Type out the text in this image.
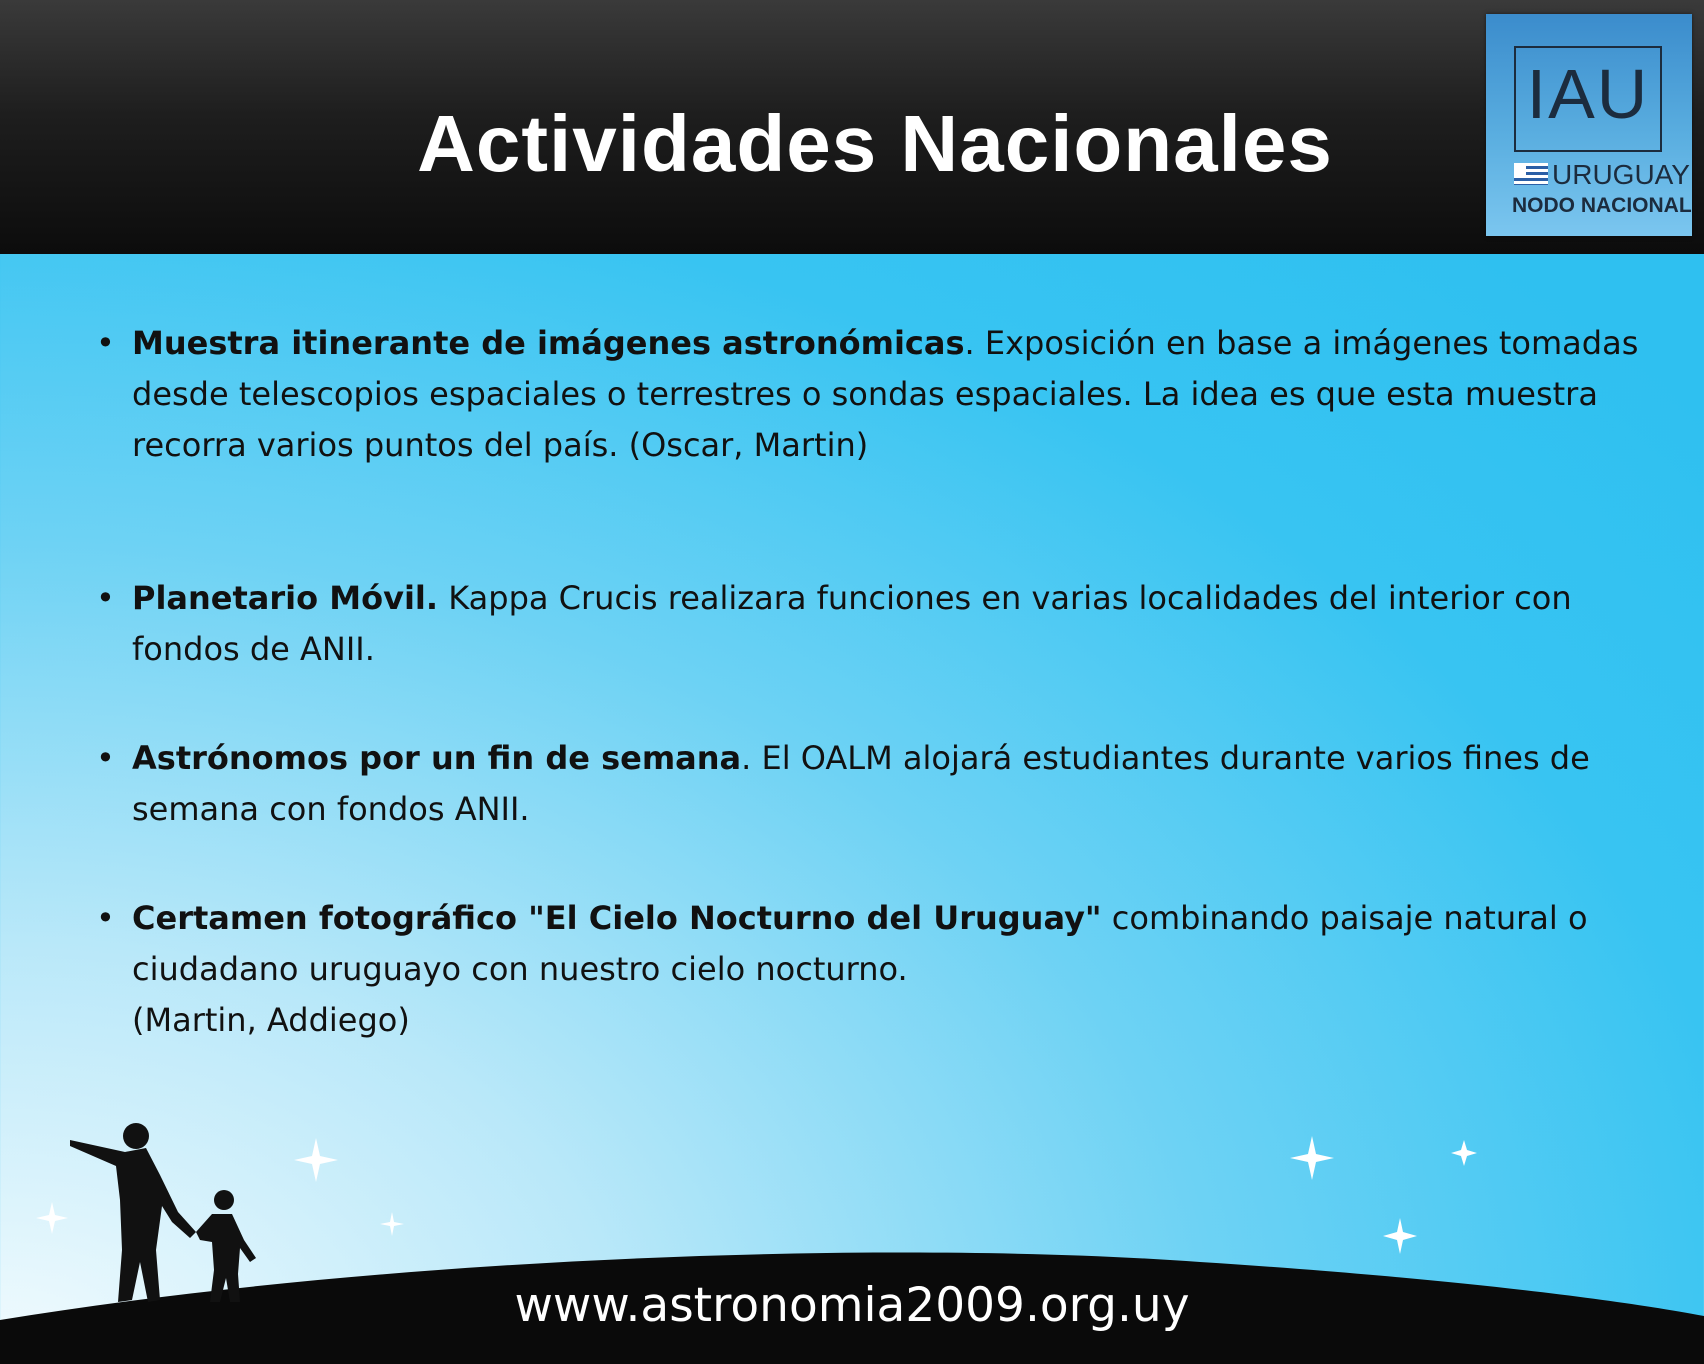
Actividades Nacionales
IAU
URUGUAY
NODO NACIONAL
• Muestra itinerante de imágenes astronómicas. Exposición en base a imágenes tomadas desde telescopios espaciales o terrestres o sondas espaciales. La idea es que esta muestra recorra varios puntos del país. (Oscar, Martin)
• Planetario Móvil. Kappa Crucis realizara funciones en varias localidades del interior con fondos de ANII.
• Astrónomos por un fin de semana. El OALM alojará estudiantes durante varios fines de semana con fondos ANII.
• Certamen fotográfico "El Cielo Nocturno del Uruguay" combinando paisaje natural o ciudadano uruguayo con nuestro cielo nocturno.
(Martin, Addiego)
www.astronomia2009.org.uy
